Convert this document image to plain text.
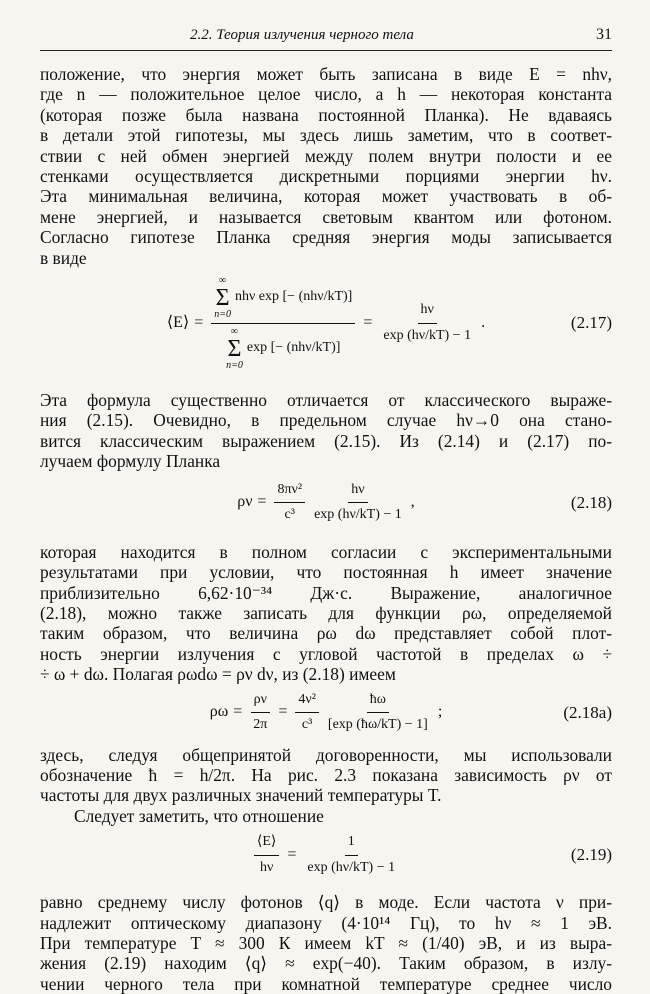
2.2. Теория излучения черного тела	31

положение, что энергия может быть записана в виде E = nhν,
где n — положительное целое число, а h — некоторая константа
(которая позже была названа постоянной Планка). Не вдаваясь
в детали этой гипотезы, мы здесь лишь заметим, что в соответ-
ствии с ней обмен энергией между полем внутри полости и ее
стенками осуществляется дискретными порциями энергии hν.
Эта минимальная величина, которая может участвовать в об-
мене энергией, и называется световым квантом или фотоном.
Согласно гипотезе Планка средняя энергия моды записывается

в виде

⟨E⟩ =
∞
Σ
n=0
nhν exp [− (nhν/kT)]
∞
Σ
n=0
exp [− (nhν/kT)]
= $\frac{h\nu}{\exp (h\nu/kT) - 1}$ .	(2.17)

Эта формула существенно отличается от классического выраже-
ния (2.15). Очевидно, в предельном случае hν→0 она стано-
вится классическим выражением (2.15). Из (2.14) и (2.17) по-

лучаем формулу Планка

$\rho\nu = \frac{\text{8πν²}}{\text{c³}} \frac{h\nu}{\exp (h\nu/kT) - 1}$ ,	(2.18)

которая находится в полном согласии с экспериментальными
результатами при условии, что постоянная h имеет значение
приблизительно 6,62·10⁻³⁴ Дж·с. Выражение, аналогичное
(2.18), можно также записать для функции ρω, определяемой
таким образом, что величина ρω dω представляет собой плот-
ность энергии излучения с угловой частотой в пределах ω ÷

÷ ω + dω. Полагая ρωdω = ρν dν, из (2.18) имеем

$\rho\omega = \frac{\rho\nu}{2\pi} = \frac{\text{4ν²}}{\text{c³}} \frac{ħ\omega}{[\exp (ħ\omega/kT) - 1]}$ ;	(2.18a)

здесь, следуя общепринятой договоренности, мы использовали
обозначение ħ = h/2π. На рис. 2.3 показана зависимость ρν от

частоты для двух различных значений температуры T.

Следует заметить, что отношение

$\frac{⟨E⟩}{h\nu} = \frac{1}{\exp (h\nu/kT) - 1}$	(2.19)

равно среднему числу фотонов ⟨q⟩ в моде. Если частота ν при-
надлежит оптическому диапазону (4·10¹⁴ Гц), то hν ≈ 1 эВ.
При температуре T ≈ 300 К имеем kT ≈ (1/40) эВ, и из выра-
жения (2.19) находим ⟨q⟩ ≈ exp(−40). Таким образом, в излу-
чении черного тела при комнатной температуре среднее число
